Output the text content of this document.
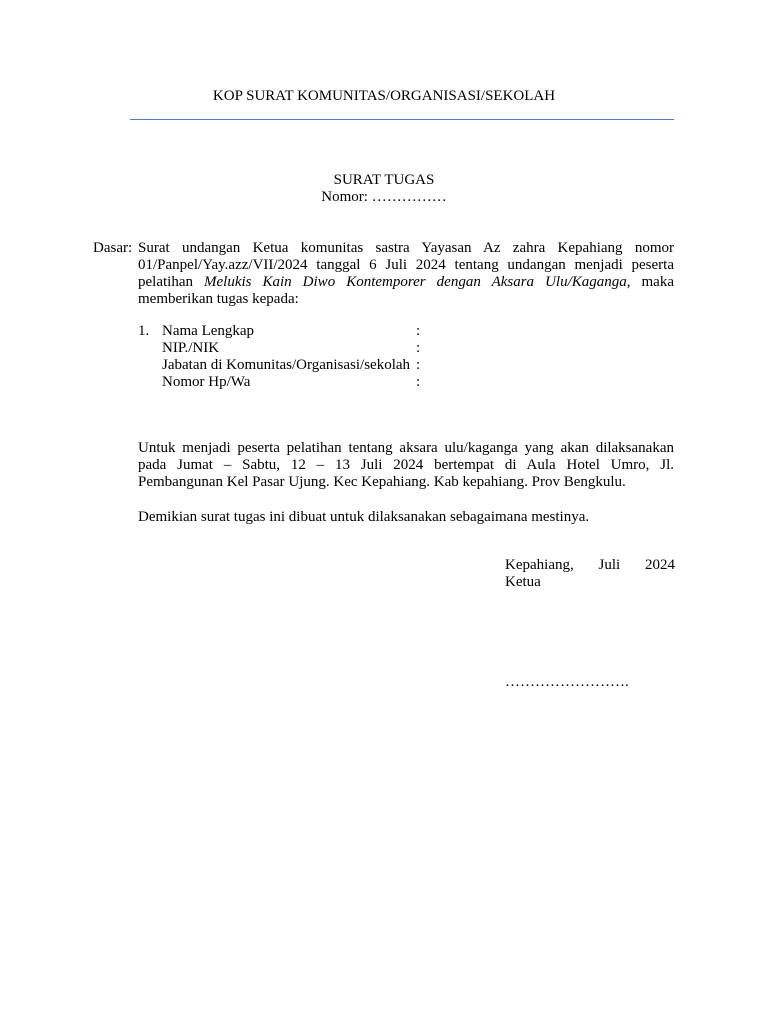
KOP SURAT KOMUNITAS/ORGANISASI/SEKOLAH
SURAT TUGAS
Nomor: ……………
Dasar: Surat undangan Ketua komunitas sastra Yayasan Az zahra Kepahiang nomor
01/Panpel/Yay.azz/VII/2024 tanggal 6 Juli 2024 tentang undangan menjadi peserta
pelatihan Melukis Kain Diwo Kontemporer dengan Aksara Ulu/Kaganga, maka
memberikan tugas kepada:
1. Nama Lengkap	:
NIP./NIK	:
Jabatan di Komunitas/Organisasi/sekolah :
Nomor Hp/Wa	:
Untuk menjadi peserta pelatihan tentang aksara ulu/kaganga yang akan dilaksanakan
pada Jumat – Sabtu, 12 – 13 Juli 2024 bertempat di Aula Hotel Umro, Jl.
Pembangunan Kel Pasar Ujung. Kec Kepahiang. Kab kepahiang. Prov Bengkulu.
Demikian surat tugas ini dibuat untuk dilaksanakan sebagaimana mestinya.
Kepahiang, Juli 2024
Ketua
…………………….
